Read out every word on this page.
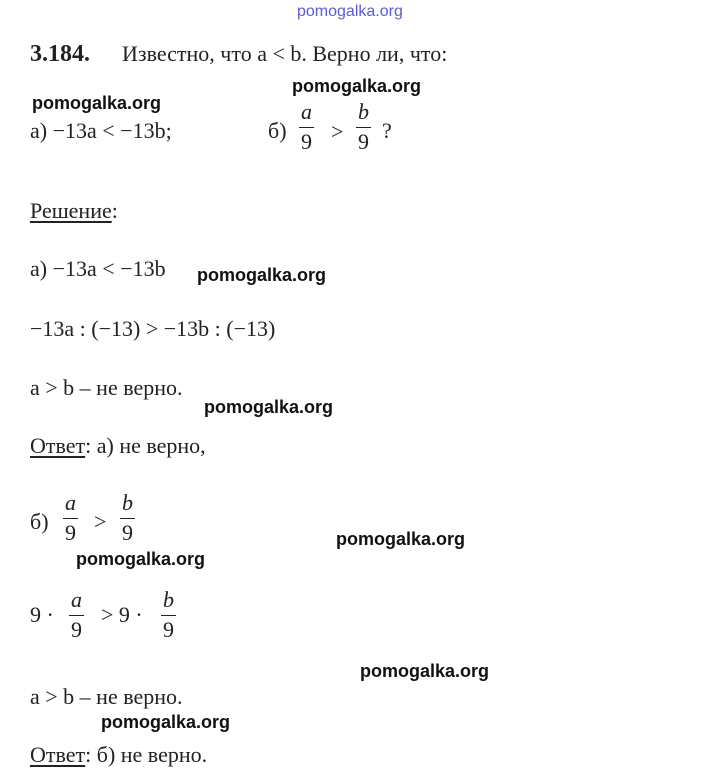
pomogalka.org
3.184. Известно, что a < b. Верно ли, что:
pomogalka.org
pomogalka.org
а) −13a < −13b;	б)
a
9 >
b
9 ?
Решение:
а) −13a < −13b pomogalka.org
−13a : (−13) > −13b : (−13)
a > b – не верно.
pomogalka.org
Ответ: а) не верно,
б)
a
9 >
b
9	pomogalka.org
pomogalka.org
9 ·
a
9
> 9 ·
b
9
pomogalka.org
a > b – не верно.
pomogalka.org
Ответ: б) не верно.
